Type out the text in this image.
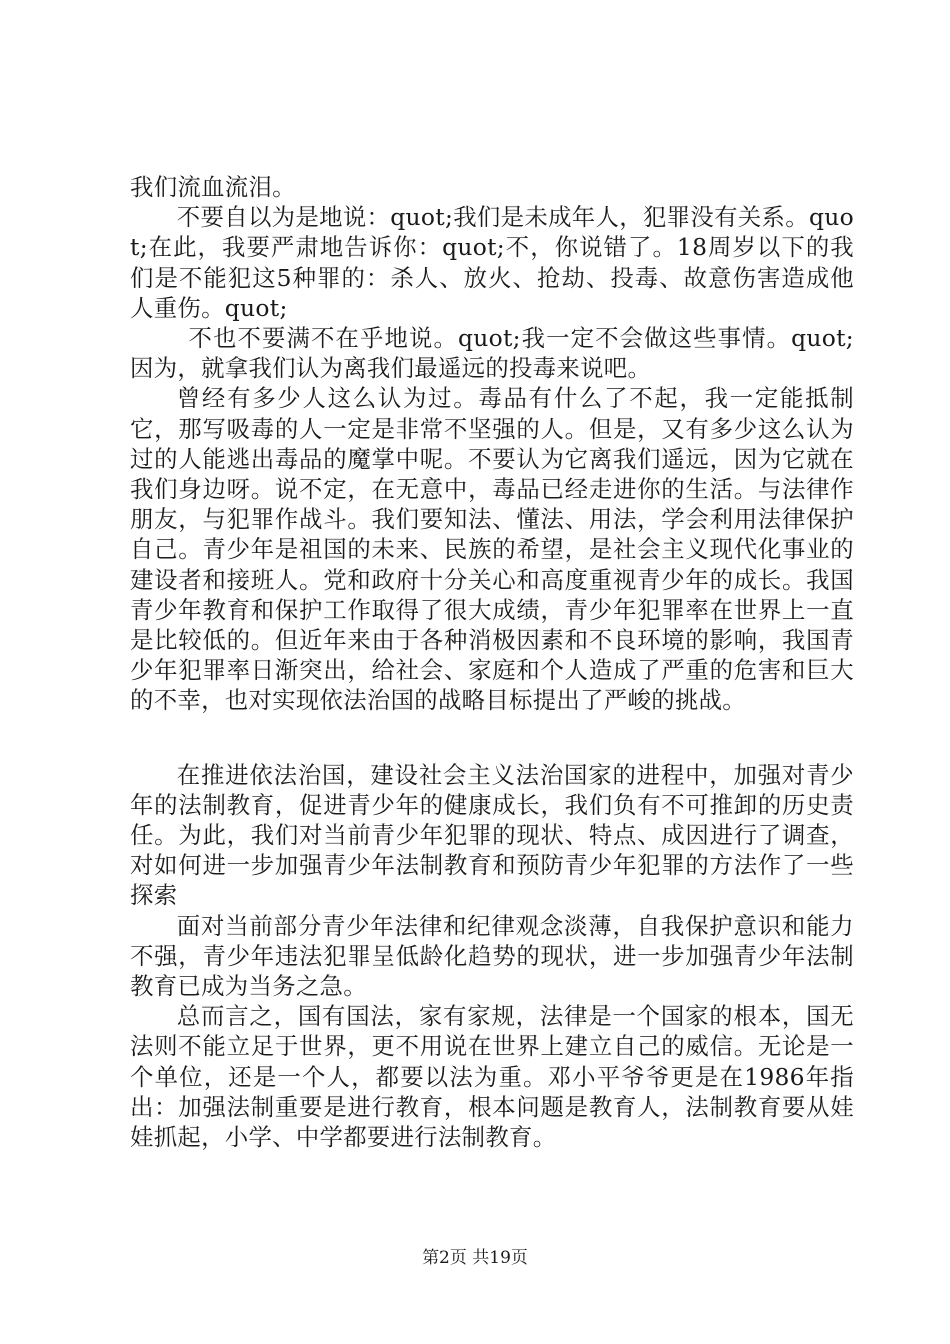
我们流血流泪。

不要自以为是地说：quot;我们是未成年人，犯罪没有关系。quot;在此，我要严肃地告诉你：quot;不，你说错了。18周岁以下的我们是不能犯这5种罪的：杀人、放火、抢劫、投毒、故意伤害造成他人重伤。quot;

不也不要满不在乎地说。quot;我一定不会做这些事情。quot;因为，就拿我们认为离我们最遥远的投毒来说吧。

曾经有多少人这么认为过。毒品有什么了不起，我一定能抵制它，那写吸毒的人一定是非常不坚强的人。但是，又有多少这么认为过的人能逃出毒品的魔掌中呢。不要认为它离我们遥远，因为它就在我们身边呀。说不定，在无意中，毒品已经走进你的生活。与法律作朋友，与犯罪作战斗。我们要知法、懂法、用法，学会利用法律保护自己。青少年是祖国的未来、民族的希望，是社会主义现代化事业的建设者和接班人。党和政府十分关心和高度重视青少年的成长。我国青少年教育和保护工作取得了很大成绩，青少年犯罪率在世界上一直是比较低的。但近年来由于各种消极因素和不良环境的影响，我国青少年犯罪率日渐突出，给社会、家庭和个人造成了严重的危害和巨大的不幸，也对实现依法治国的战略目标提出了严峻的挑战。

在推进依法治国，建设社会主义法治国家的进程中，加强对青少年的法制教育，促进青少年的健康成长，我们负有不可推卸的历史责任。为此，我们对当前青少年犯罪的现状、特点、成因进行了调查，对如何进一步加强青少年法制教育和预防青少年犯罪的方法作了一些探索

面对当前部分青少年法律和纪律观念淡薄，自我保护意识和能力不强，青少年违法犯罪呈低龄化趋势的现状，进一步加强青少年法制教育已成为当务之急。

总而言之，国有国法，家有家规，法律是一个国家的根本，国无法则不能立足于世界，更不用说在世界上建立自己的威信。无论是一个单位，还是一个人，都要以法为重。邓小平爷爷更是在1986年指出：加强法制重要是进行教育，根本问题是教育人，法制教育要从娃娃抓起，小学、中学都要进行法制教育。

第2页 共19页
